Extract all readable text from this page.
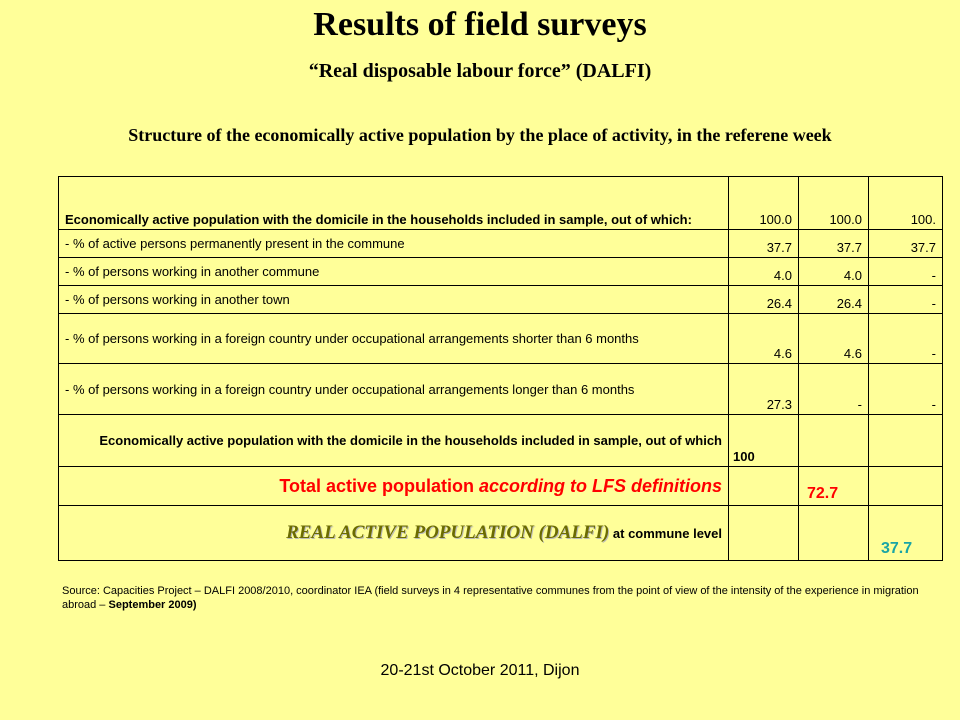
Results of field surveys
“Real disposable labour force” (DALFI)
Structure of the economically active population by the place of activity, in the referene week
Economically active population with the domicile in the households included in sample, out of which:	100.0	100.0	100.
- % of active persons permanently present in the commune	37.7	37.7	37.7
- % of persons working in another commune	4.0	4.0	-
- % of persons working in another town	26.4	26.4	-
- % of persons working in a foreign country under occupational arrangements shorter than 6 months	4.6	4.6	-
- % of persons working in a foreign country under occupational arrangements longer than 6 months	27.3	-	-
Economically active population with the domicile in the households included in sample, out of which	100		
Total active population according to LFS definitions		72.7	
REAL ACTIVE POPULATION (DALFI) at commune level			37.7
Source: Capacities Project – DALFI 2008/2010, coordinator IEA (field surveys in 4 representative communes from the point of view of the intensity of the experience in migration abroad – September 2009)
20-21st October 2011, Dijon
